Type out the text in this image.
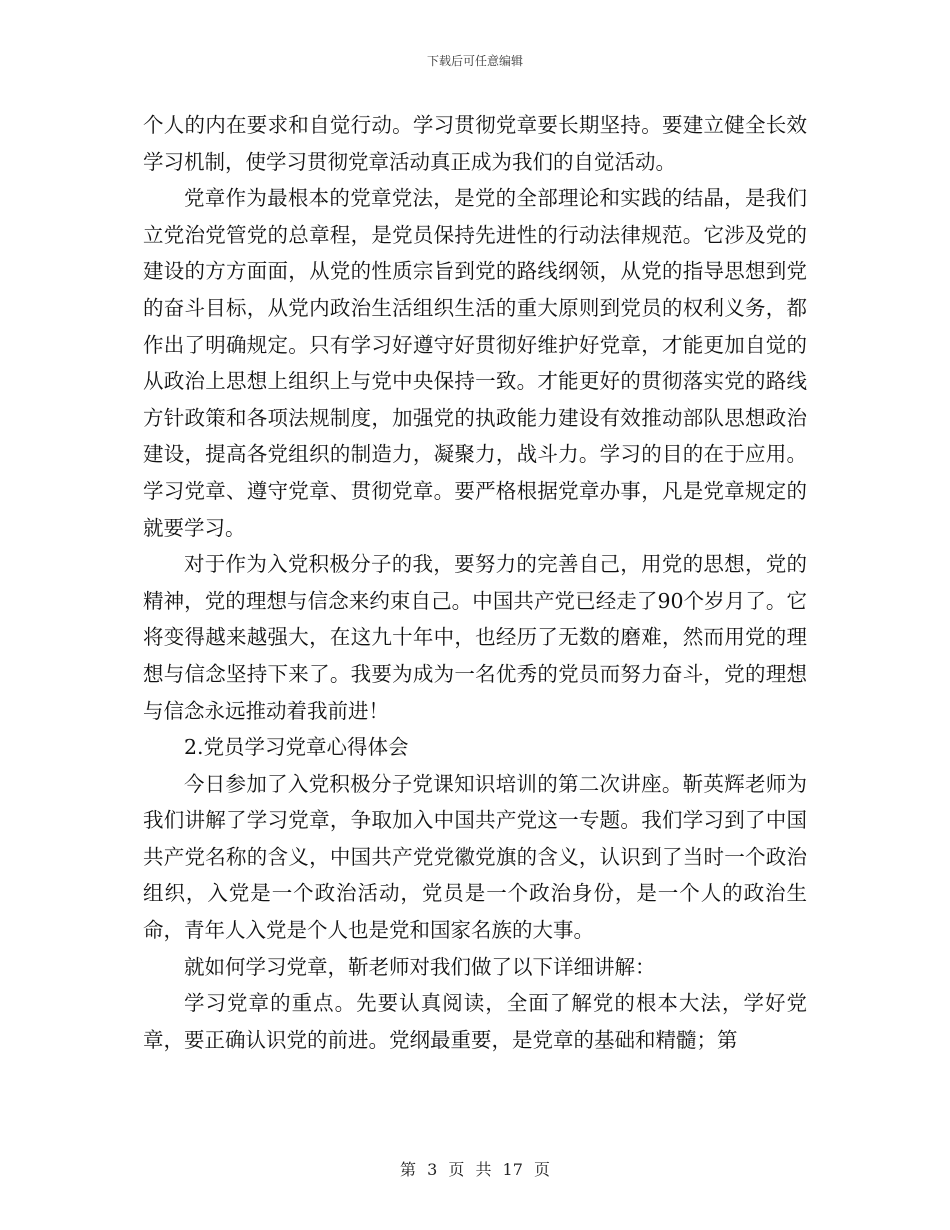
下载后可任意编辑

个人的内在要求和自觉行动。学习贯彻党章要长期坚持。要建立健全长效学习机制，使学习贯彻党章活动真正成为我们的自觉活动。

党章作为最根本的党章党法，是党的全部理论和实践的结晶，是我们立党治党管党的总章程，是党员保持先进性的行动法律规范。它涉及党的建设的方方面面，从党的性质宗旨到党的路线纲领，从党的指导思想到党的奋斗目标，从党内政治生活组织生活的重大原则到党员的权利义务，都作出了明确规定。只有学习好遵守好贯彻好维护好党章，才能更加自觉的从政治上思想上组织上与党中央保持一致。才能更好的贯彻落实党的路线方针政策和各项法规制度，加强党的执政能力建设有效推动部队思想政治建设，提高各党组织的制造力，凝聚力，战斗力。学习的目的在于应用。学习党章、遵守党章、贯彻党章。要严格根据党章办事，凡是党章规定的就要学习。

对于作为入党积极分子的我，要努力的完善自己，用党的思想，党的精神，党的理想与信念来约束自己。中国共产党已经走了90个岁月了。它将变得越来越强大，在这九十年中，也经历了无数的磨难，然而用党的理想与信念坚持下来了。我要为成为一名优秀的党员而努力奋斗，党的理想与信念永远推动着我前进！

2.党员学习党章心得体会

今日参加了入党积极分子党课知识培训的第二次讲座。靳英辉老师为我们讲解了学习党章，争取加入中国共产党这一专题。我们学习到了中国共产党名称的含义，中国共产党党徽党旗的含义，认识到了当时一个政治组织，入党是一个政治活动，党员是一个政治身份，是一个人的政治生命，青年人入党是个人也是党和国家名族的大事。

就如何学习党章，靳老师对我们做了以下详细讲解：

学习党章的重点。先要认真阅读，全面了解党的根本大法，学好党章，要正确认识党的前进。党纲最重要，是党章的基础和精髓；第

第 3 页 共 17 页
